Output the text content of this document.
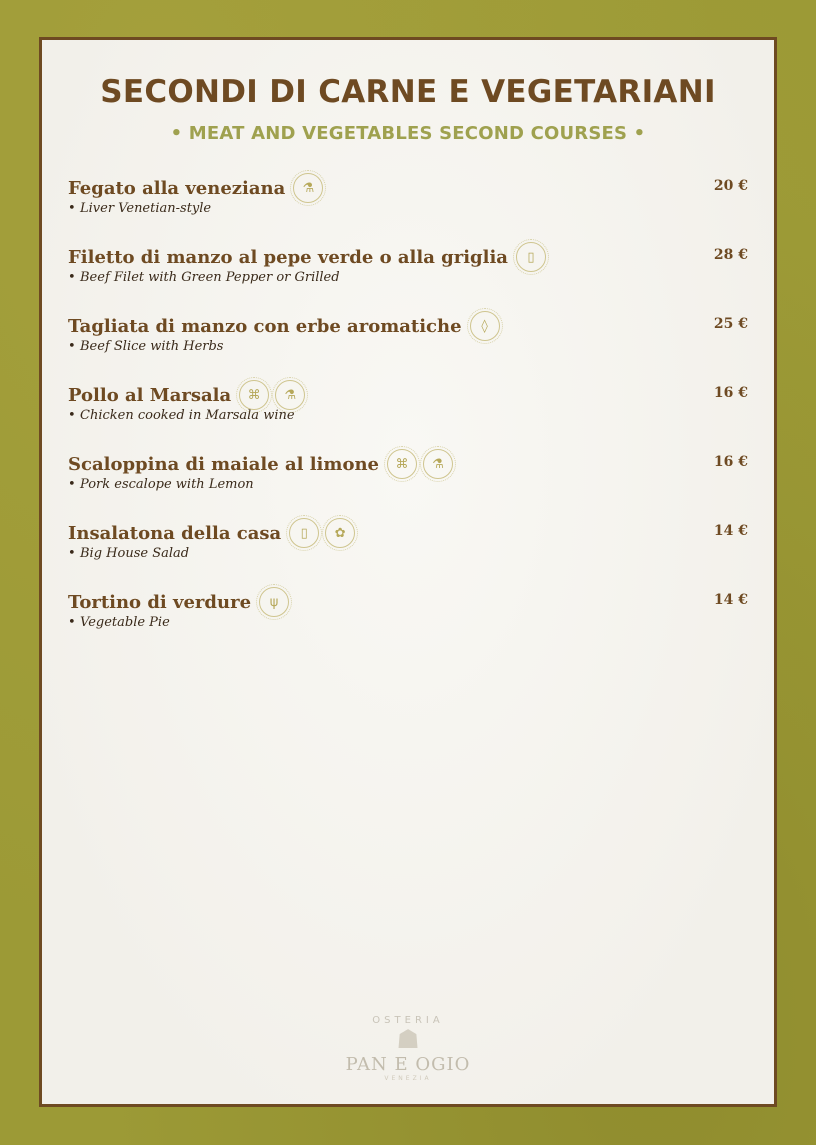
SECONDI DI CARNE E VEGETARIANI
• MEAT AND VEGETABLES SECOND COURSES •
Fegato alla veneziana	⚗
• Liver Venetian-style
20 €
Filetto di manzo al pepe verde o alla griglia	▯
• Beef Filet with Green Pepper or Grilled
28 €
Tagliata di manzo con erbe aromatiche	◊
• Beef Slice with Herbs
25 €
Pollo al Marsala	⌘	⚗
• Chicken cooked in Marsala wine
16 €
Scaloppina di maiale al limone	⌘	⚗
• Pork escalope with Lemon
16 €
Insalatona della casa	▯	✿
• Big House Salad
14 €
Tortino di verdure	ψ
• Vegetable Pie
14 €
OSTERIA
☗
PAN E OGIO
VENEZIA
